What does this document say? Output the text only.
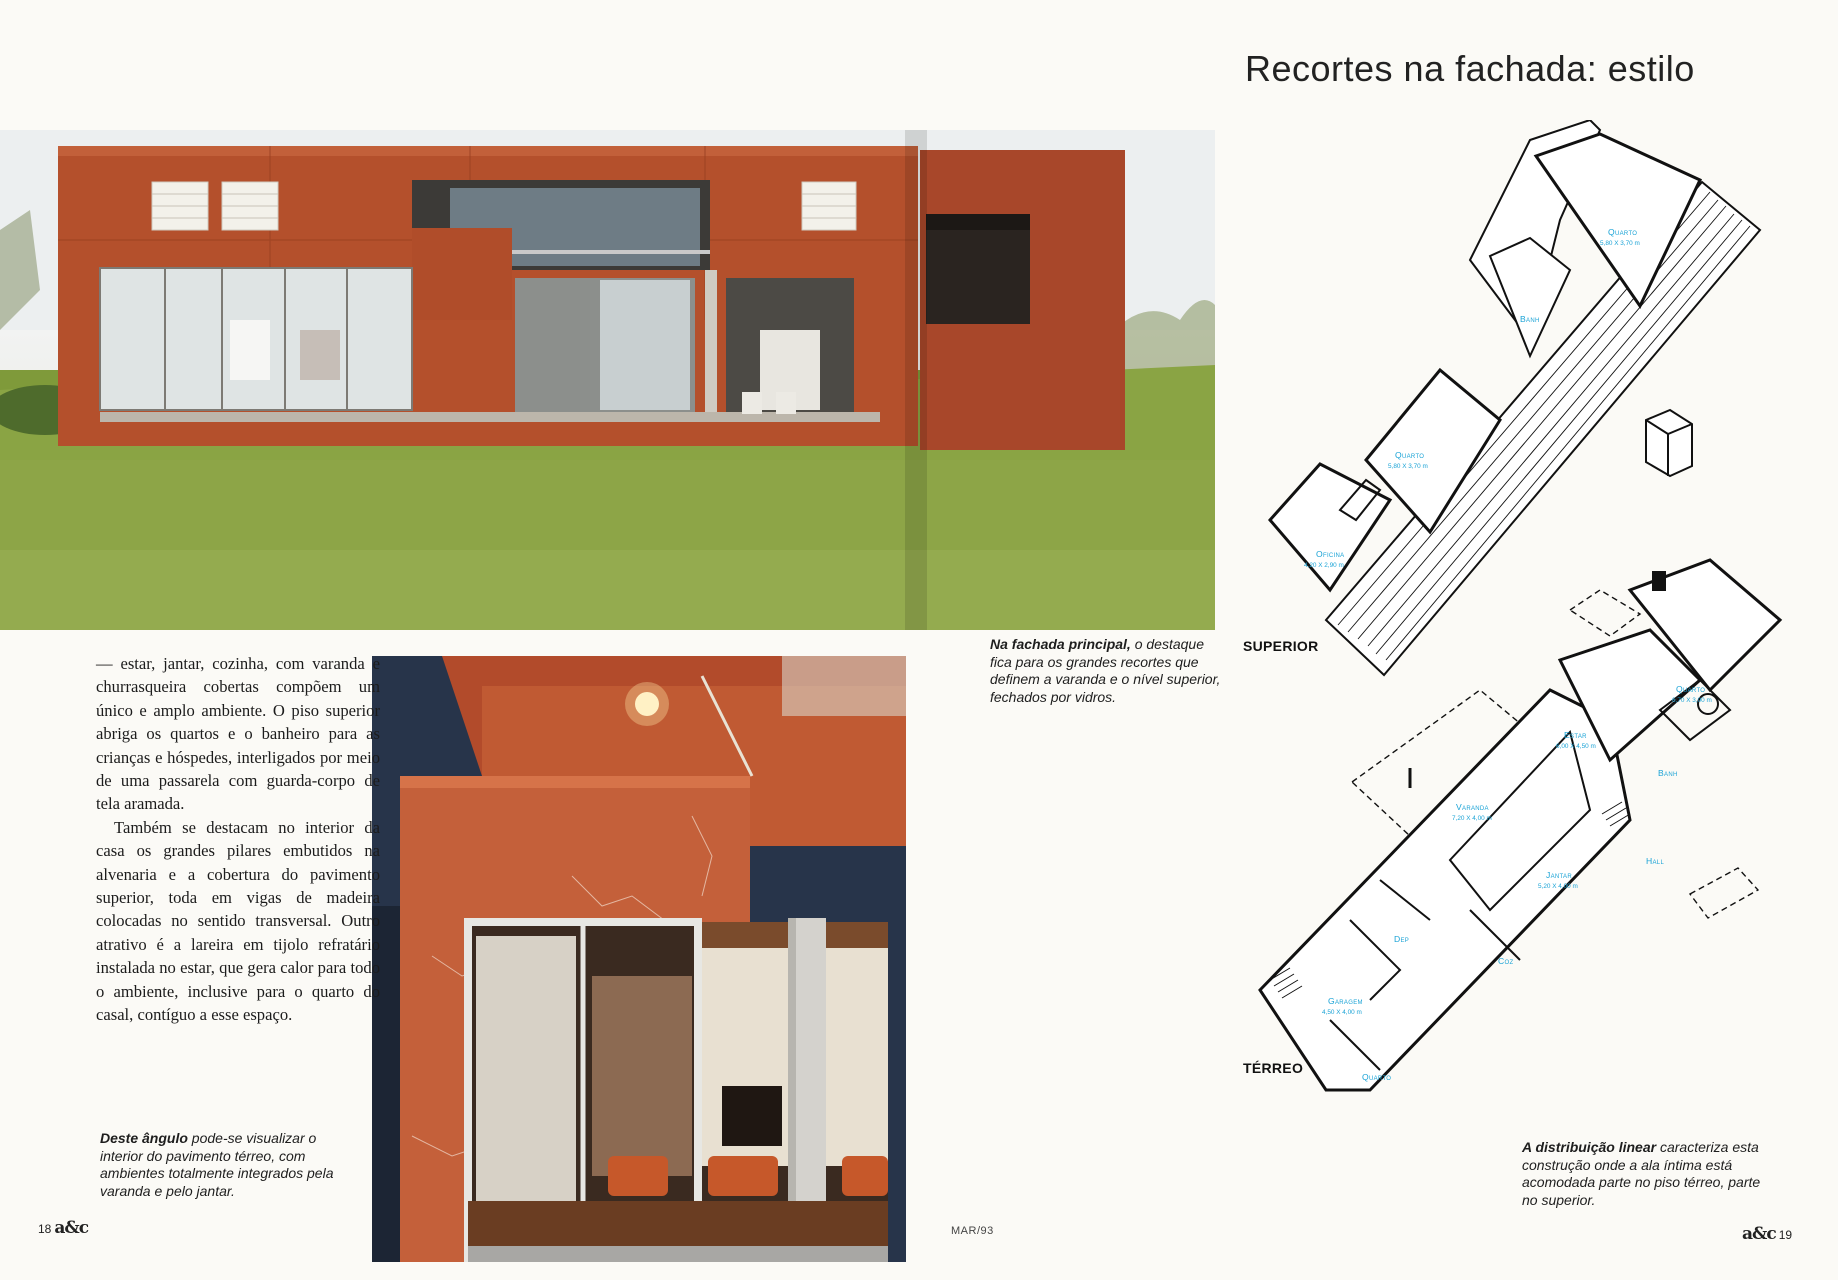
Recortes na fachada: estilo

— estar, jantar, cozinha, com varanda e churrasqueira cobertas compõem um único e amplo ambiente. O piso superior abriga os quartos e o banheiro para as crianças e hóspedes, interligados por meio de uma passarela com guarda-corpo de tela aramada.

Também se destacam no interior da casa os grandes pilares embutidos na alvenaria e a cobertura do pavimento superior, toda em vigas de madeira colocadas no sentido transversal. Outro atrativo é a lareira em tijolo refratário instalada no estar, que gera calor para todo o ambiente, inclusive para o quarto do casal, contíguo a esse espaço.

Na fachada principal, o destaque fica para os grandes recortes que definem a varanda e o nível superior, fechados por vidros.
Deste ângulo pode-se visualizar o interior do pavimento térreo, com ambientes totalmente integrados pela varanda e pelo jantar.
A distribuição linear caracteriza esta construção onde a ala íntima está acomodada parte no piso térreo, parte no superior.
SUPERIOR
TÉRREO
Quarto
5,80 X 3,70 m
Banh
Quarto
5,80 X 3,70 m
Oficina
4,20 X 2,90 m
Quarto
6,70 X 3,00 m
Estar
6,00 X 4,50 m
Banh
Varanda
7,20 X 4,00 m
Hall
Jantar
5,20 X 4,00 m
Dep
Coz
Garagem
4,50 X 4,00 m
Quarto
18 a&c	a&c 19
MAR/93
